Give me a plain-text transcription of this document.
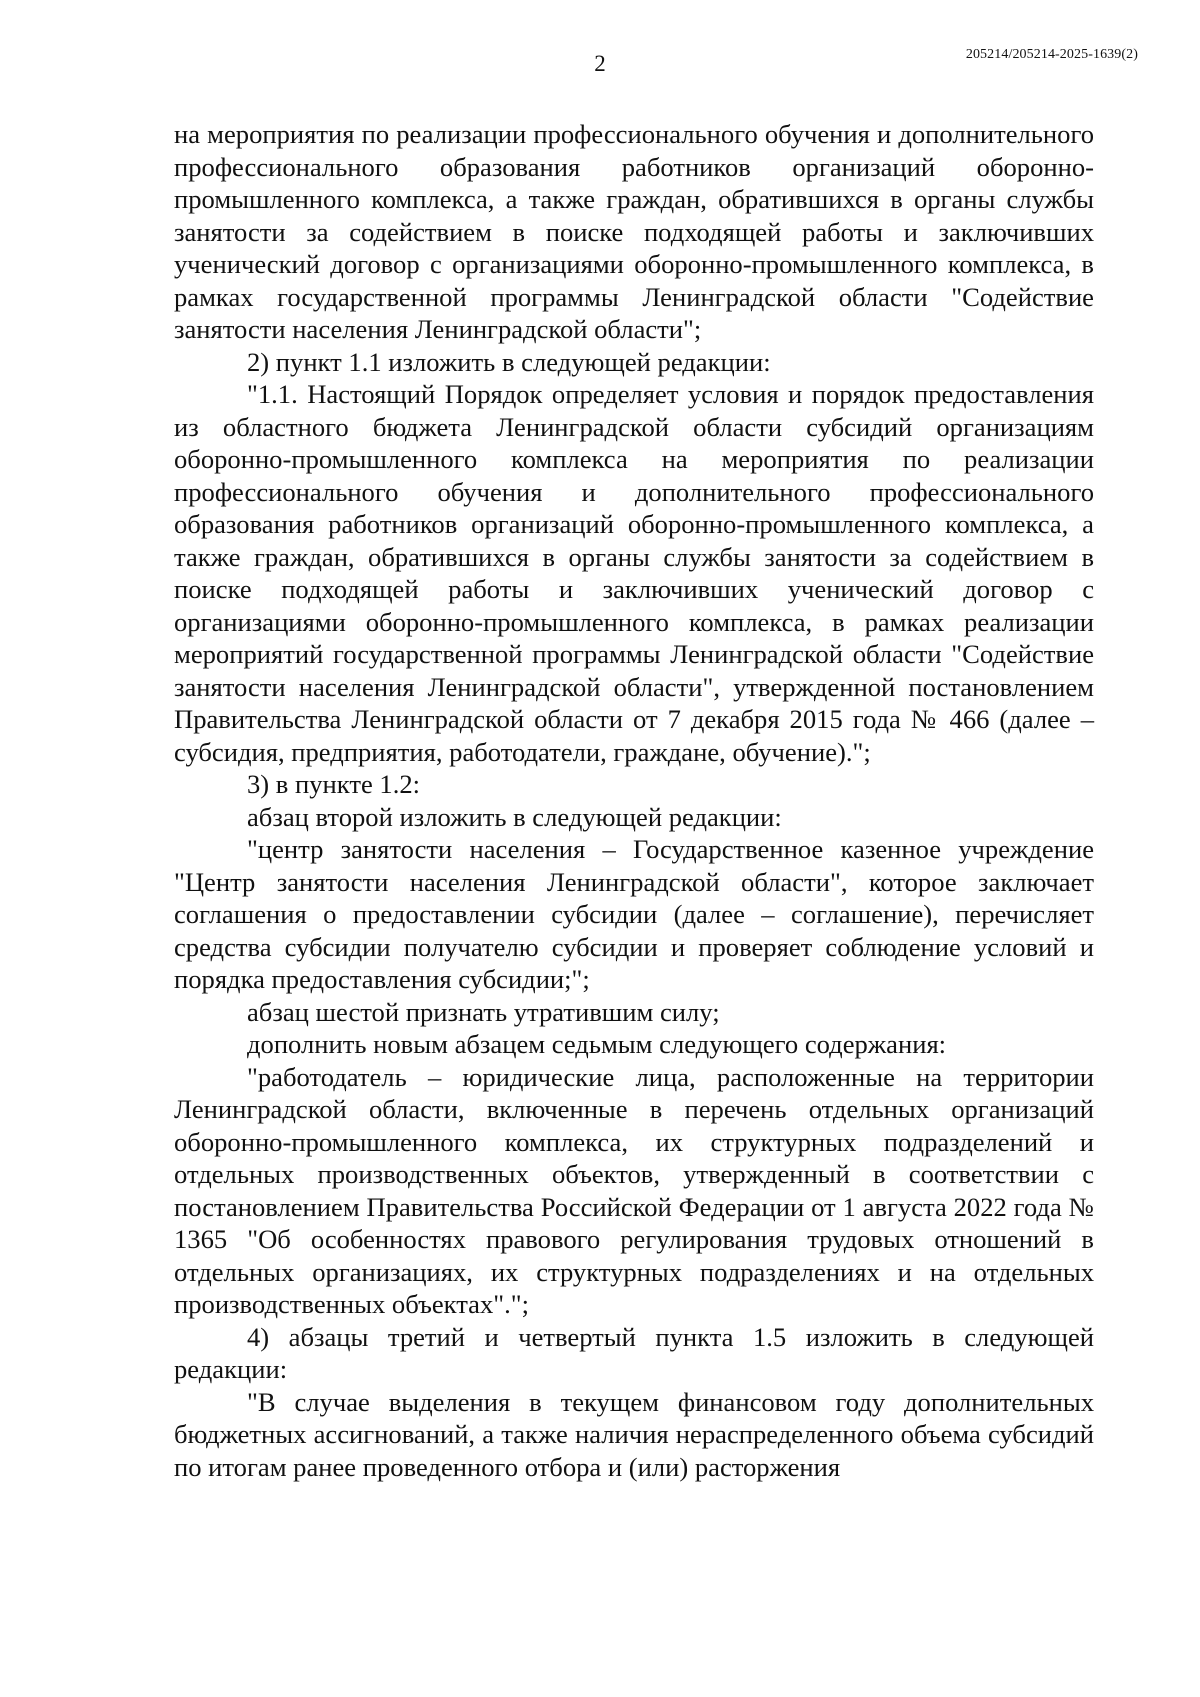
2	205214/205214-2025-1639(2)

на мероприятия по реализации профессионального обучения и дополнительного профессионального образования работников организаций оборонно-промышленного комплекса, а также граждан, обратившихся в органы службы занятости за содействием в поиске подходящей работы и заключивших ученический договор с организациями оборонно-промышленного комплекса, в рамках государственной программы Ленинградской области "Содействие занятости населения Ленинградской области";

2) пункт 1.1 изложить в следующей редакции:

"1.1. Настоящий Порядок определяет условия и порядок предоставления из областного бюджета Ленинградской области субсидий организациям оборонно-промышленного комплекса на мероприятия по реализации профессионального обучения и дополнительного профессионального образования работников организаций оборонно-промышленного комплекса, а также граждан, обратившихся в органы службы занятости за содействием в поиске подходящей работы и заключивших ученический договор с организациями оборонно-промышленного комплекса, в рамках реализации мероприятий государственной программы Ленинградской области "Содействие занятости населения Ленинградской области", утвержденной постановлением Правительства Ленинградской области от 7 декабря 2015 года № 466 (далее – субсидия, предприятия, работодатели, граждане, обучение).";

3) в пункте 1.2:

абзац второй изложить в следующей редакции:

"центр занятости населения – Государственное казенное учреждение "Центр занятости населения Ленинградской области", которое заключает соглашения о предоставлении субсидии (далее – соглашение), перечисляет средства субсидии получателю субсидии и проверяет соблюдение условий и порядка предоставления субсидии;";

абзац шестой признать утратившим силу;

дополнить новым абзацем седьмым следующего содержания:

"работодатель – юридические лица, расположенные на территории Ленинградской области, включенные в перечень отдельных организаций оборонно-промышленного комплекса, их структурных подразделений и отдельных производственных объектов, утвержденный в соответствии с постановлением Правительства Российской Федерации от 1 августа 2022 года № 1365 "Об особенностях правового регулирования трудовых отношений в отдельных организациях, их структурных подразделениях и на отдельных производственных объектах".";

4) абзацы третий и четвертый пункта 1.5 изложить в следующей редакции:

"В случае выделения в текущем финансовом году дополнительных бюджетных ассигнований, а также наличия нераспределенного объема субсидий по итогам ранее проведенного отбора и (или) расторжения
